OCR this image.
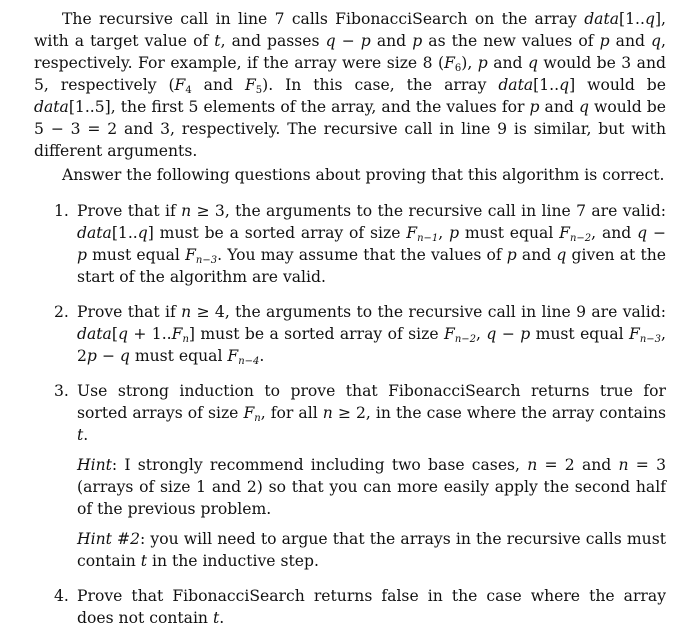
The recursive call in line 7 calls FibonacciSearch on the array data[1..q], with a target value of t, and passes q − p and p as the new values of p and q, respectively. For example, if the array were size 8 $(F_6)$, p and q would be 3 and 5, respectively ($F_4$ and $F_5$). In this case, the array data[1..q] would be data[1..5], the first 5 elements of the array, and the values for p and q would be 5 − 3 = 2 and 3, respectively. The recursive call in line 9 is similar, but with different arguments.

Answer the following questions about proving that this algorithm is correct.

1. Prove that if n ≥ 3, the arguments to the recursive call in line 7 are valid: data[1..q] must be a sorted array of size $F_{n-1}$, p must equal $F_{n-2}$, and q − p must equal $F_{n-3}$. You may assume that the values of p and q given at the start of the algorithm are valid.
2. Prove that if n ≥ 4, the arguments to the recursive call in line 9 are valid: data[q + $1..F_n$] must be a sorted array of size $F_{n-2}$, q − p must equal $F_{n-3}$, 2p − q must equal $F_{n-4}$.
3. Use strong induction to prove that FibonacciSearch returns true for sorted arrays of size $F_n$, for all n ≥ 2, in the case where the array contains t.
Hint: I strongly recommend including two base cases, n = 2 and n = 3 (arrays of size 1 and 2) so that you can more easily apply the second half of the previous problem.
Hint #2: you will need to argue that the arrays in the recursive calls must contain t in the inductive step.
4. Prove that FibonacciSearch returns false in the case where the array does not contain t.
